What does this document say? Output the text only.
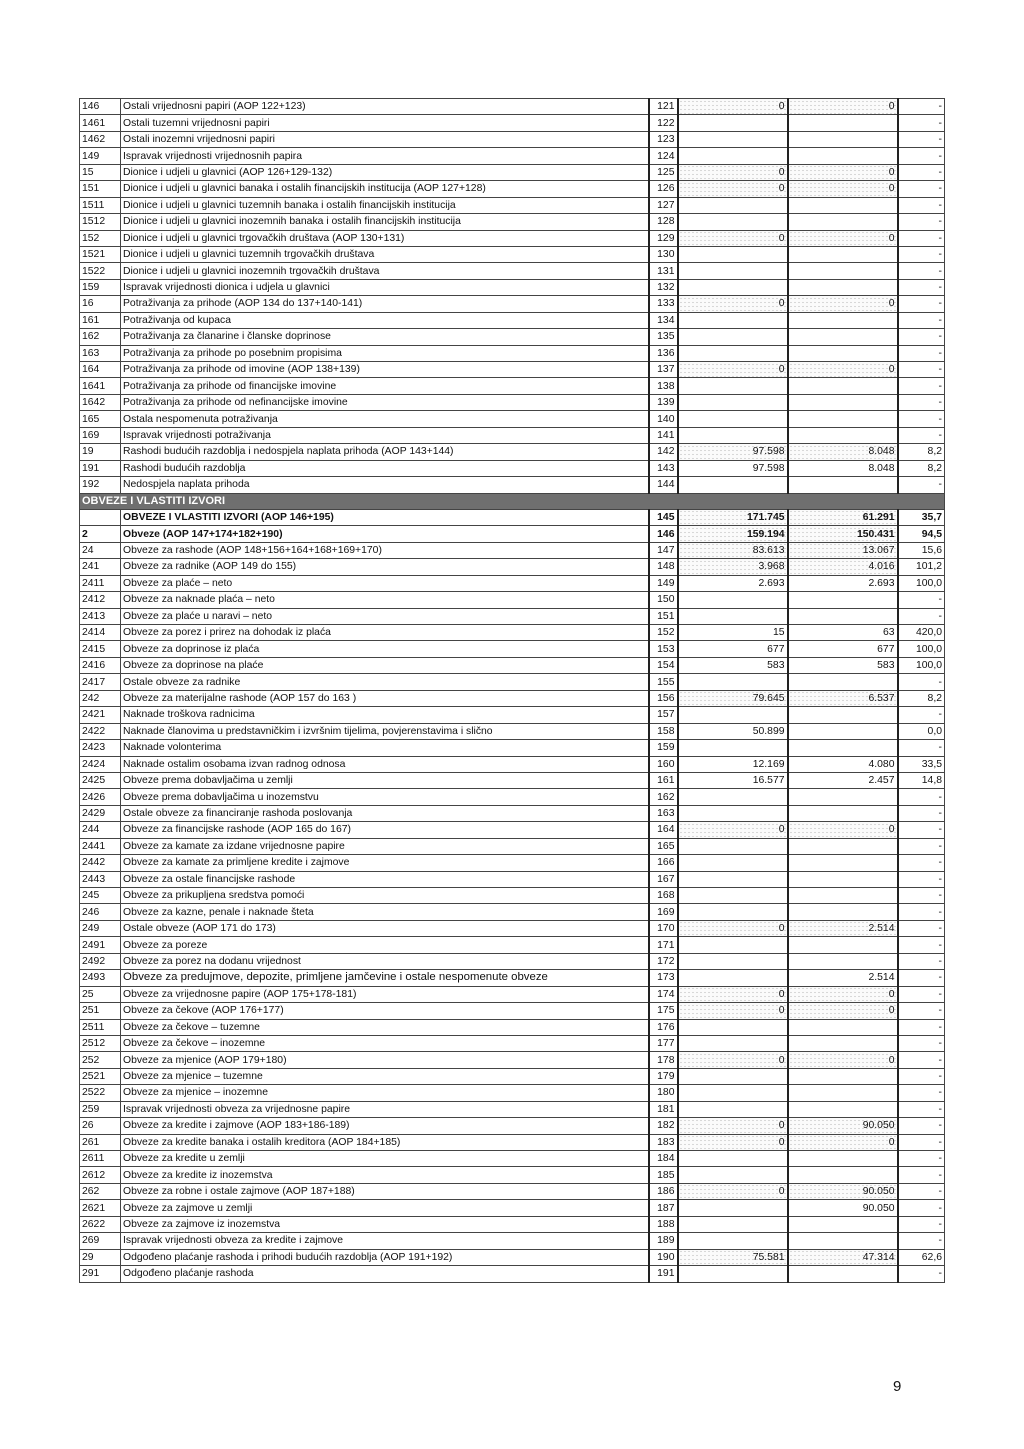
146	Ostali vrijednosni papiri (AOP 122+123)	121	0	0	-
1461	Ostali tuzemni vrijednosni papiri	122			-
1462	Ostali inozemni vrijednosni papiri	123			-
149	Ispravak vrijednosti vrijednosnih papira	124			-
15	Dionice i udjeli u glavnici (AOP 126+129-132)	125	0	0	-
151	Dionice i udjeli u glavnici banaka i ostalih financijskih institucija (AOP 127+128)	126	0	0	-
1511	Dionice i udjeli u glavnici tuzemnih banaka i ostalih financijskih institucija	127			-
1512	Dionice i udjeli u glavnici inozemnih banaka i ostalih financijskih institucija	128			-
152	Dionice i udjeli u glavnici trgovačkih društava (AOP 130+131)	129	0	0	-
1521	Dionice i udjeli u glavnici tuzemnih trgovačkih društava	130			-
1522	Dionice i udjeli u glavnici inozemnih trgovačkih društava	131			-
159	Ispravak vrijednosti dionica i udjela u glavnici	132			-
16	Potraživanja za prihode (AOP 134 do 137+140-141)	133	0	0	-
161	Potraživanja od kupaca	134			-
162	Potraživanja za članarine i članske doprinose	135			-
163	Potraživanja za prihode po posebnim propisima	136			-
164	Potraživanja za prihode od imovine (AOP 138+139)	137	0	0	-
1641	Potraživanja za prihode od financijske imovine	138			-
1642	Potraživanja za prihode od nefinancijske imovine	139			-
165	Ostala nespomenuta potraživanja	140			-
169	Ispravak vrijednosti potraživanja	141			-
19	Rashodi budućih razdoblja i nedospjela naplata prihoda (AOP 143+144)	142	97.598	8.048	8,2
191	Rashodi budućih razdoblja	143	97.598	8.048	8,2
192	Nedospjela naplata prihoda	144			-
OBVEZE I VLASTITI IZVORI					
	OBVEZE I VLASTITI IZVORI (AOP 146+195)	145	171.745	61.291	35,7
2	Obveze (AOP 147+174+182+190)	146	159.194	150.431	94,5
24	Obveze za rashode (AOP 148+156+164+168+169+170)	147	83.613	13.067	15,6
241	Obveze za radnike (AOP 149 do 155)	148	3.968	4.016	101,2
2411	Obveze za plaće – neto	149	2.693	2.693	100,0
2412	Obveze za naknade plaća – neto	150			-
2413	Obveze za plaće u naravi – neto	151			-
2414	Obveze za porez i prirez na dohodak iz plaća	152	15	63	420,0
2415	Obveze za doprinose iz plaća	153	677	677	100,0
2416	Obveze za doprinose na plaće	154	583	583	100,0
2417	Ostale obveze za radnike	155			-
242	Obveze za materijalne rashode (AOP 157 do 163 )	156	79.645	6.537	8,2
2421	Naknade troškova radnicima	157			-
2422	Naknade članovima u predstavničkim i izvršnim tijelima, povjerenstavima i slično	158	50.899		0,0
2423	Naknade volonterima	159			-
2424	Naknade ostalim osobama izvan radnog odnosa	160	12.169	4.080	33,5
2425	Obveze prema dobavljačima u zemlji	161	16.577	2.457	14,8
2426	Obveze prema dobavljačima u inozemstvu	162			-
2429	Ostale obveze za financiranje rashoda poslovanja	163			-
244	Obveze za financijske rashode (AOP 165 do 167)	164	0	0	-
2441	Obveze za kamate za izdane vrijednosne papire	165			-
2442	Obveze za kamate za primljene kredite i zajmove	166			-
2443	Obveze za ostale financijske rashode	167			-
245	Obveze za prikupljena sredstva pomoći	168			-
246	Obveze za kazne, penale i naknade šteta	169			-
249	Ostale obveze (AOP 171 do 173)	170	0	2.514	-
2491	Obveze za poreze	171			-
2492	Obveze za porez na dodanu vrijednost	172			-
2493	Obveze za predujmove, depozite, primljene jamčevine i ostale nespomenute obveze	173		2.514	-
25	Obveze za vrijednosne papire (AOP 175+178-181)	174	0	0	-
251	Obveze za čekove (AOP 176+177)	175	0	0	-
2511	Obveze za čekove – tuzemne	176			-
2512	Obveze za čekove – inozemne	177			-
252	Obveze za mjenice (AOP 179+180)	178	0	0	-
2521	Obveze za mjenice – tuzemne	179			-
2522	Obveze za mjenice – inozemne	180			-
259	Ispravak vrijednosti obveza za vrijednosne papire	181			-
26	Obveze za kredite i zajmove (AOP 183+186-189)	182	0	90.050	-
261	Obveze za kredite banaka i ostalih kreditora (AOP 184+185)	183	0	0	-
2611	Obveze za kredite u zemlji	184			-
2612	Obveze za kredite iz inozemstva	185			-
262	Obveze za robne i ostale zajmove (AOP 187+188)	186	0	90.050	-
2621	Obveze za zajmove u zemlji	187		90.050	-
2622	Obveze za zajmove iz inozemstva	188			-
269	Ispravak vrijednosti obveza za kredite i zajmove	189			-
29	Odgođeno plaćanje rashoda i prihodi budućih razdoblja (AOP 191+192)	190	75.581	47.314	62,6
291	Odgođeno plaćanje rashoda	191			-
9
